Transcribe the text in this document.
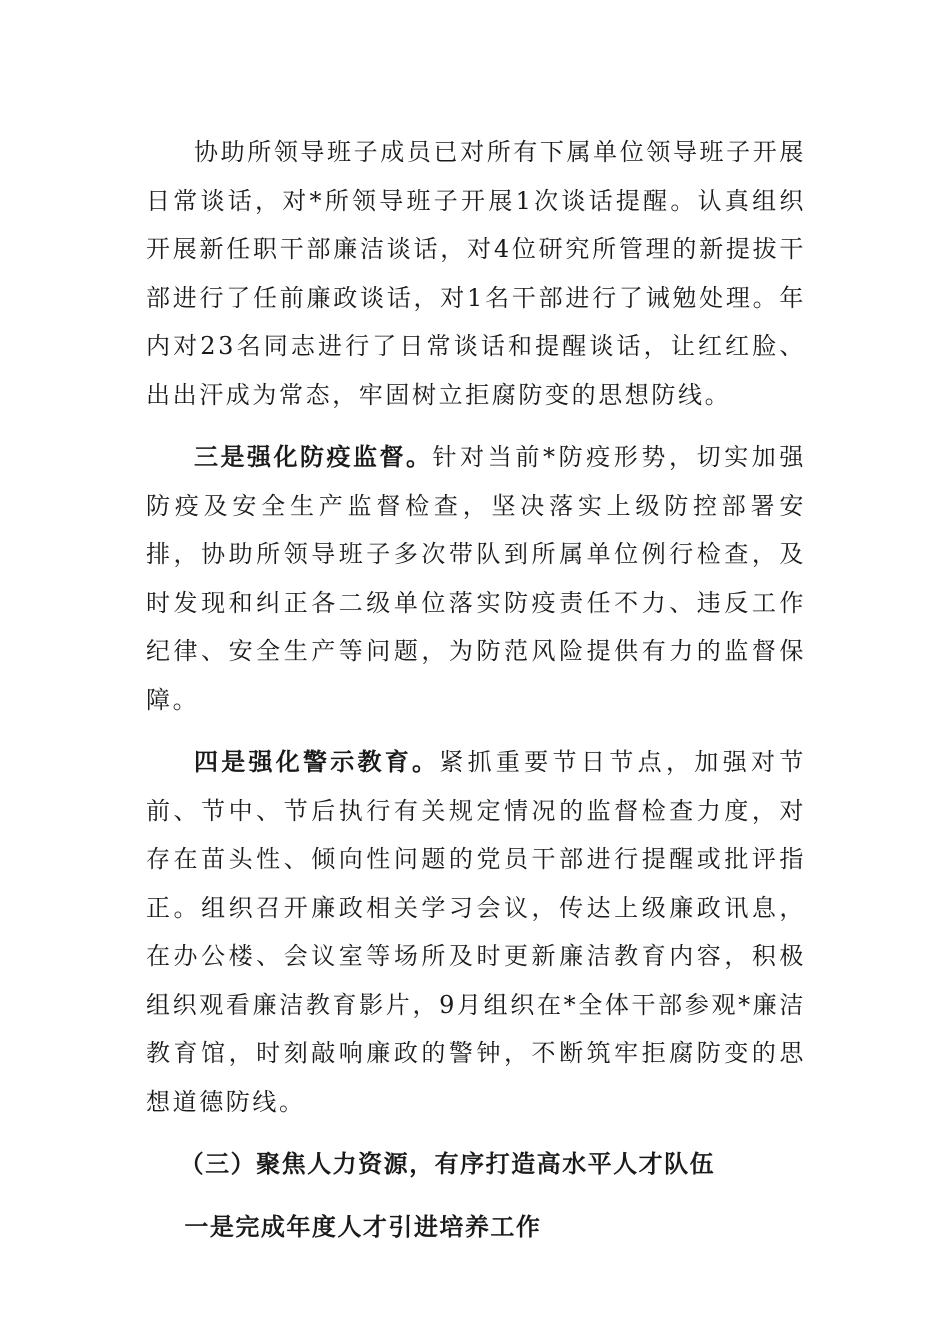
协助所领导班子成员已对所有下属单位领导班子开展日常谈话，对*所领导班子开展1次谈话提醒。认真组织开展新任职干部廉洁谈话，对4位研究所管理的新提拔干部进行了任前廉政谈话，对1名干部进行了诫勉处理。年内对23名同志进行了日常谈话和提醒谈话，让红红脸、出出汗成为常态，牢固树立拒腐防变的思想防线。

三是强化防疫监督。针对当前*防疫形势，切实加强防疫及安全生产监督检查，坚决落实上级防控部署安排，协助所领导班子多次带队到所属单位例行检查，及时发现和纠正各二级单位落实防疫责任不力、违反工作纪律、安全生产等问题，为防范风险提供有力的监督保障。

四是强化警示教育。紧抓重要节日节点，加强对节前、节中、节后执行有关规定情况的监督检查力度，对存在苗头性、倾向性问题的党员干部进行提醒或批评指正。组织召开廉政相关学习会议，传达上级廉政讯息，在办公楼、会议室等场所及时更新廉洁教育内容，积极组织观看廉洁教育影片，9月组织在*全体干部参观*廉洁教育馆，时刻敲响廉政的警钟，不断筑牢拒腐防变的思想道德防线。

（三）聚焦人力资源，有序打造高水平人才队伍

一是完成年度人才引进培养工作
